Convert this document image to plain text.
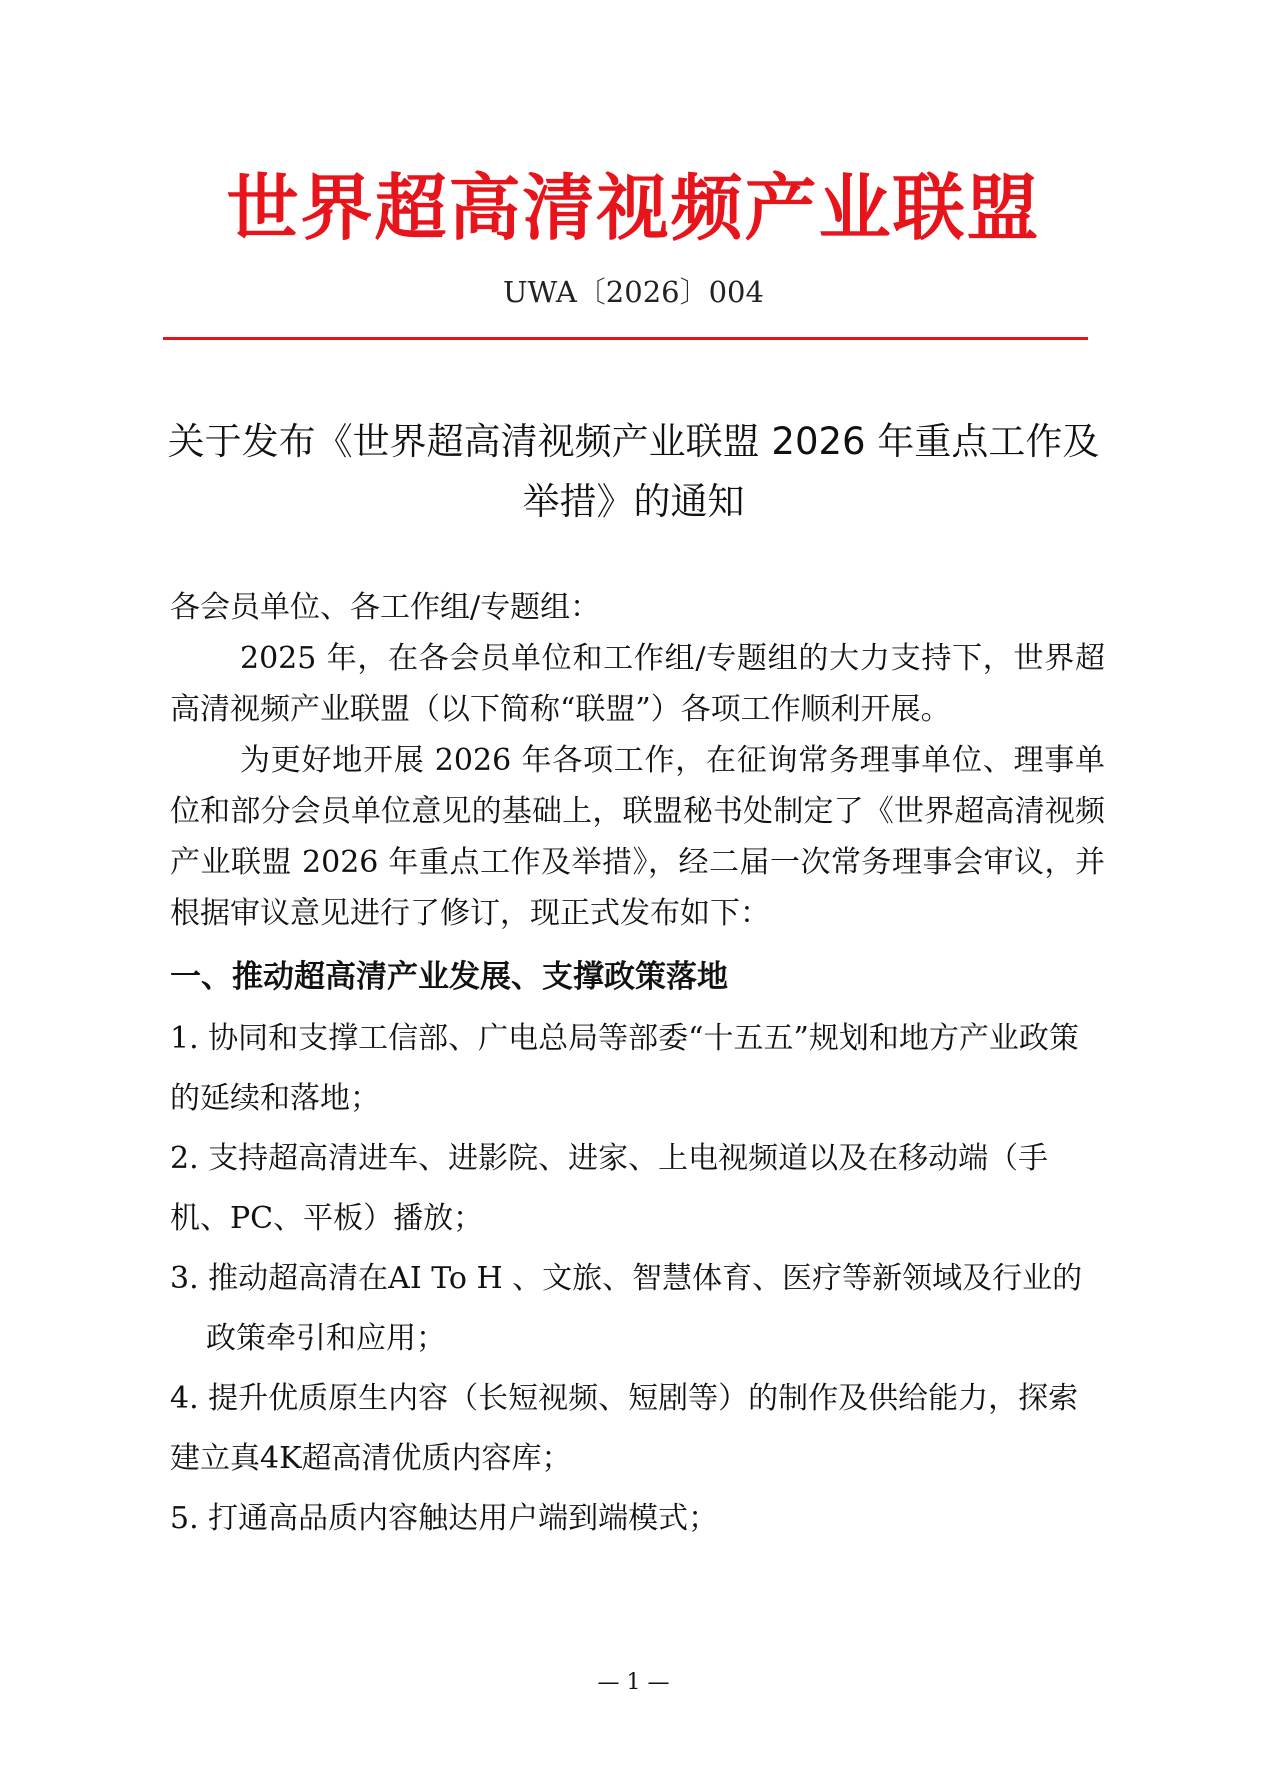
世界超高清视频产业联盟
UWA〔2026〕004
关于发布《世界超高清视频产业联盟 2026 年重点工作及
举措》的通知

各会员单位、各工作组/专题组：

2025 年，在各会员单位和工作组/专题组的大力支持下，世界超高清视频产业联盟（以下简称“联盟”）各项工作顺利开展。

为更好地开展 2026 年各项工作，在征询常务理事单位、理事单位和部分会员单位意见的基础上，联盟秘书处制定了《世界超高清视频产业联盟 2026 年重点工作及举措》，经二届一次常务理事会审议，并根据审议意见进行了修订，现正式发布如下：

一、推动超高清产业发展、支撑政策落地
1. 协同和支撑工信部、广电总局等部委“十五五”规划和地方产业政策的延续和落地；
2. 支持超高清进车、进影院、进家、上电视频道以及在移动端（手机、PC、平板）播放；
3. 推动超高清在AI To H 、文旅、智慧体育、医疗等新领域及行业的政策牵引和应用；
4. 提升优质原生内容（长短视频、短剧等）的制作及供给能力，探索建立真4K超高清优质内容库；
5. 打通高品质内容触达用户端到端模式；
— 1 —
